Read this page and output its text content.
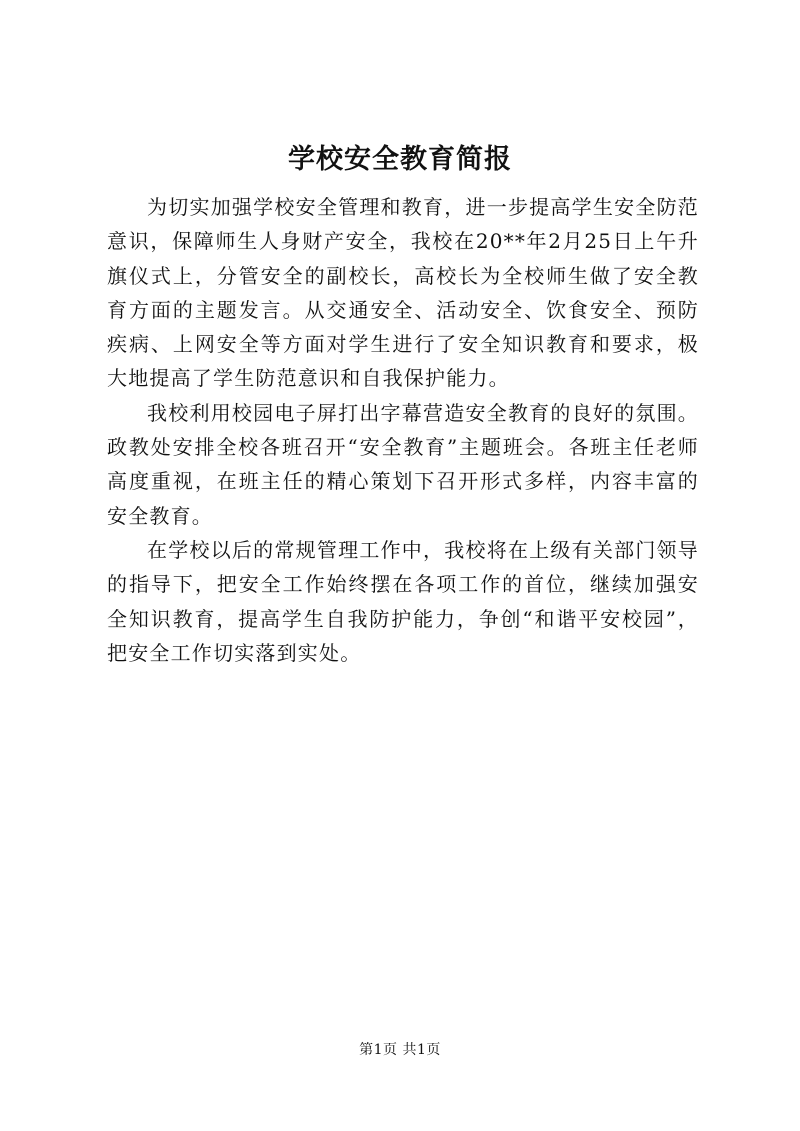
学校安全教育简报

为切实加强学校安全管理和教育，进一步提高学生安全防范意识，保障师生人身财产安全，我校在20**年2月25日上午升旗仪式上，分管安全的副校长，高校长为全校师生做了安全教育方面的主题发言。从交通安全、活动安全、饮食安全、预防疾病、上网安全等方面对学生进行了安全知识教育和要求，极大地提高了学生防范意识和自我保护能力。

我校利用校园电子屏打出字幕营造安全教育的良好的氛围。政教处安排全校各班召开“安全教育”主题班会。各班主任老师高度重视，在班主任的精心策划下召开形式多样，内容丰富的安全教育。

在学校以后的常规管理工作中，我校将在上级有关部门领导的指导下，把安全工作始终摆在各项工作的首位，继续加强安全知识教育，提高学生自我防护能力，争创“和谐平安校园”，把安全工作切实落到实处。

第1页 共1页
